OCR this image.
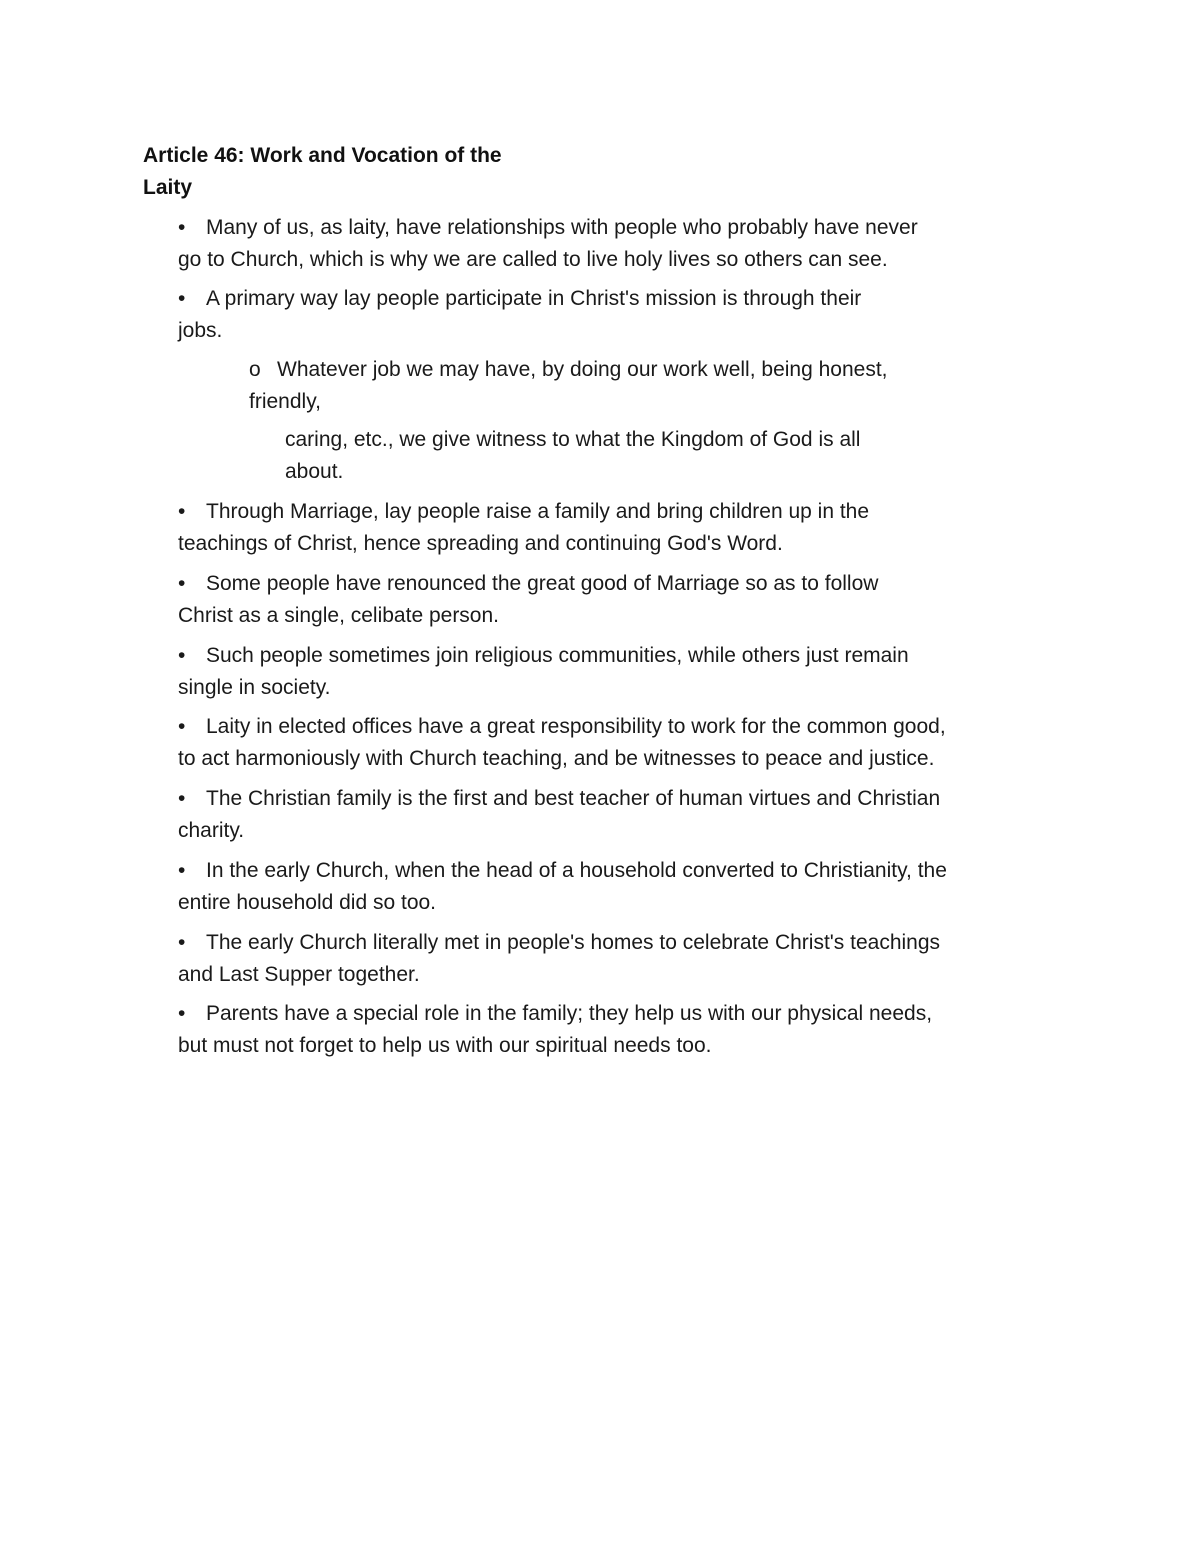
Article 46: Work and Vocation of the
Laity
• Many of us, as laity, have relationships with people who probably have never
go to Church, which is why we are called to live holy lives so others can see.
• A primary way lay people participate in Christ's mission is through their
jobs.
o Whatever job we may have, by doing our work well, being honest,
friendly,
caring, etc., we give witness to what the Kingdom of God is all
about.
• Through Marriage, lay people raise a family and bring children up in the
teachings of Christ, hence spreading and continuing God's Word.
• Some people have renounced the great good of Marriage so as to follow
Christ as a single, celibate person.
• Such people sometimes join religious communities, while others just remain
single in society.
• Laity in elected offices have a great responsibility to work for the common good,
to act harmoniously with Church teaching, and be witnesses to peace and justice.
• The Christian family is the first and best teacher of human virtues and Christian
charity.
• In the early Church, when the head of a household converted to Christianity, the
entire household did so too.
• The early Church literally met in people's homes to celebrate Christ's teachings
and Last Supper together.
• Parents have a special role in the family; they help us with our physical needs,
but must not forget to help us with our spiritual needs too.
